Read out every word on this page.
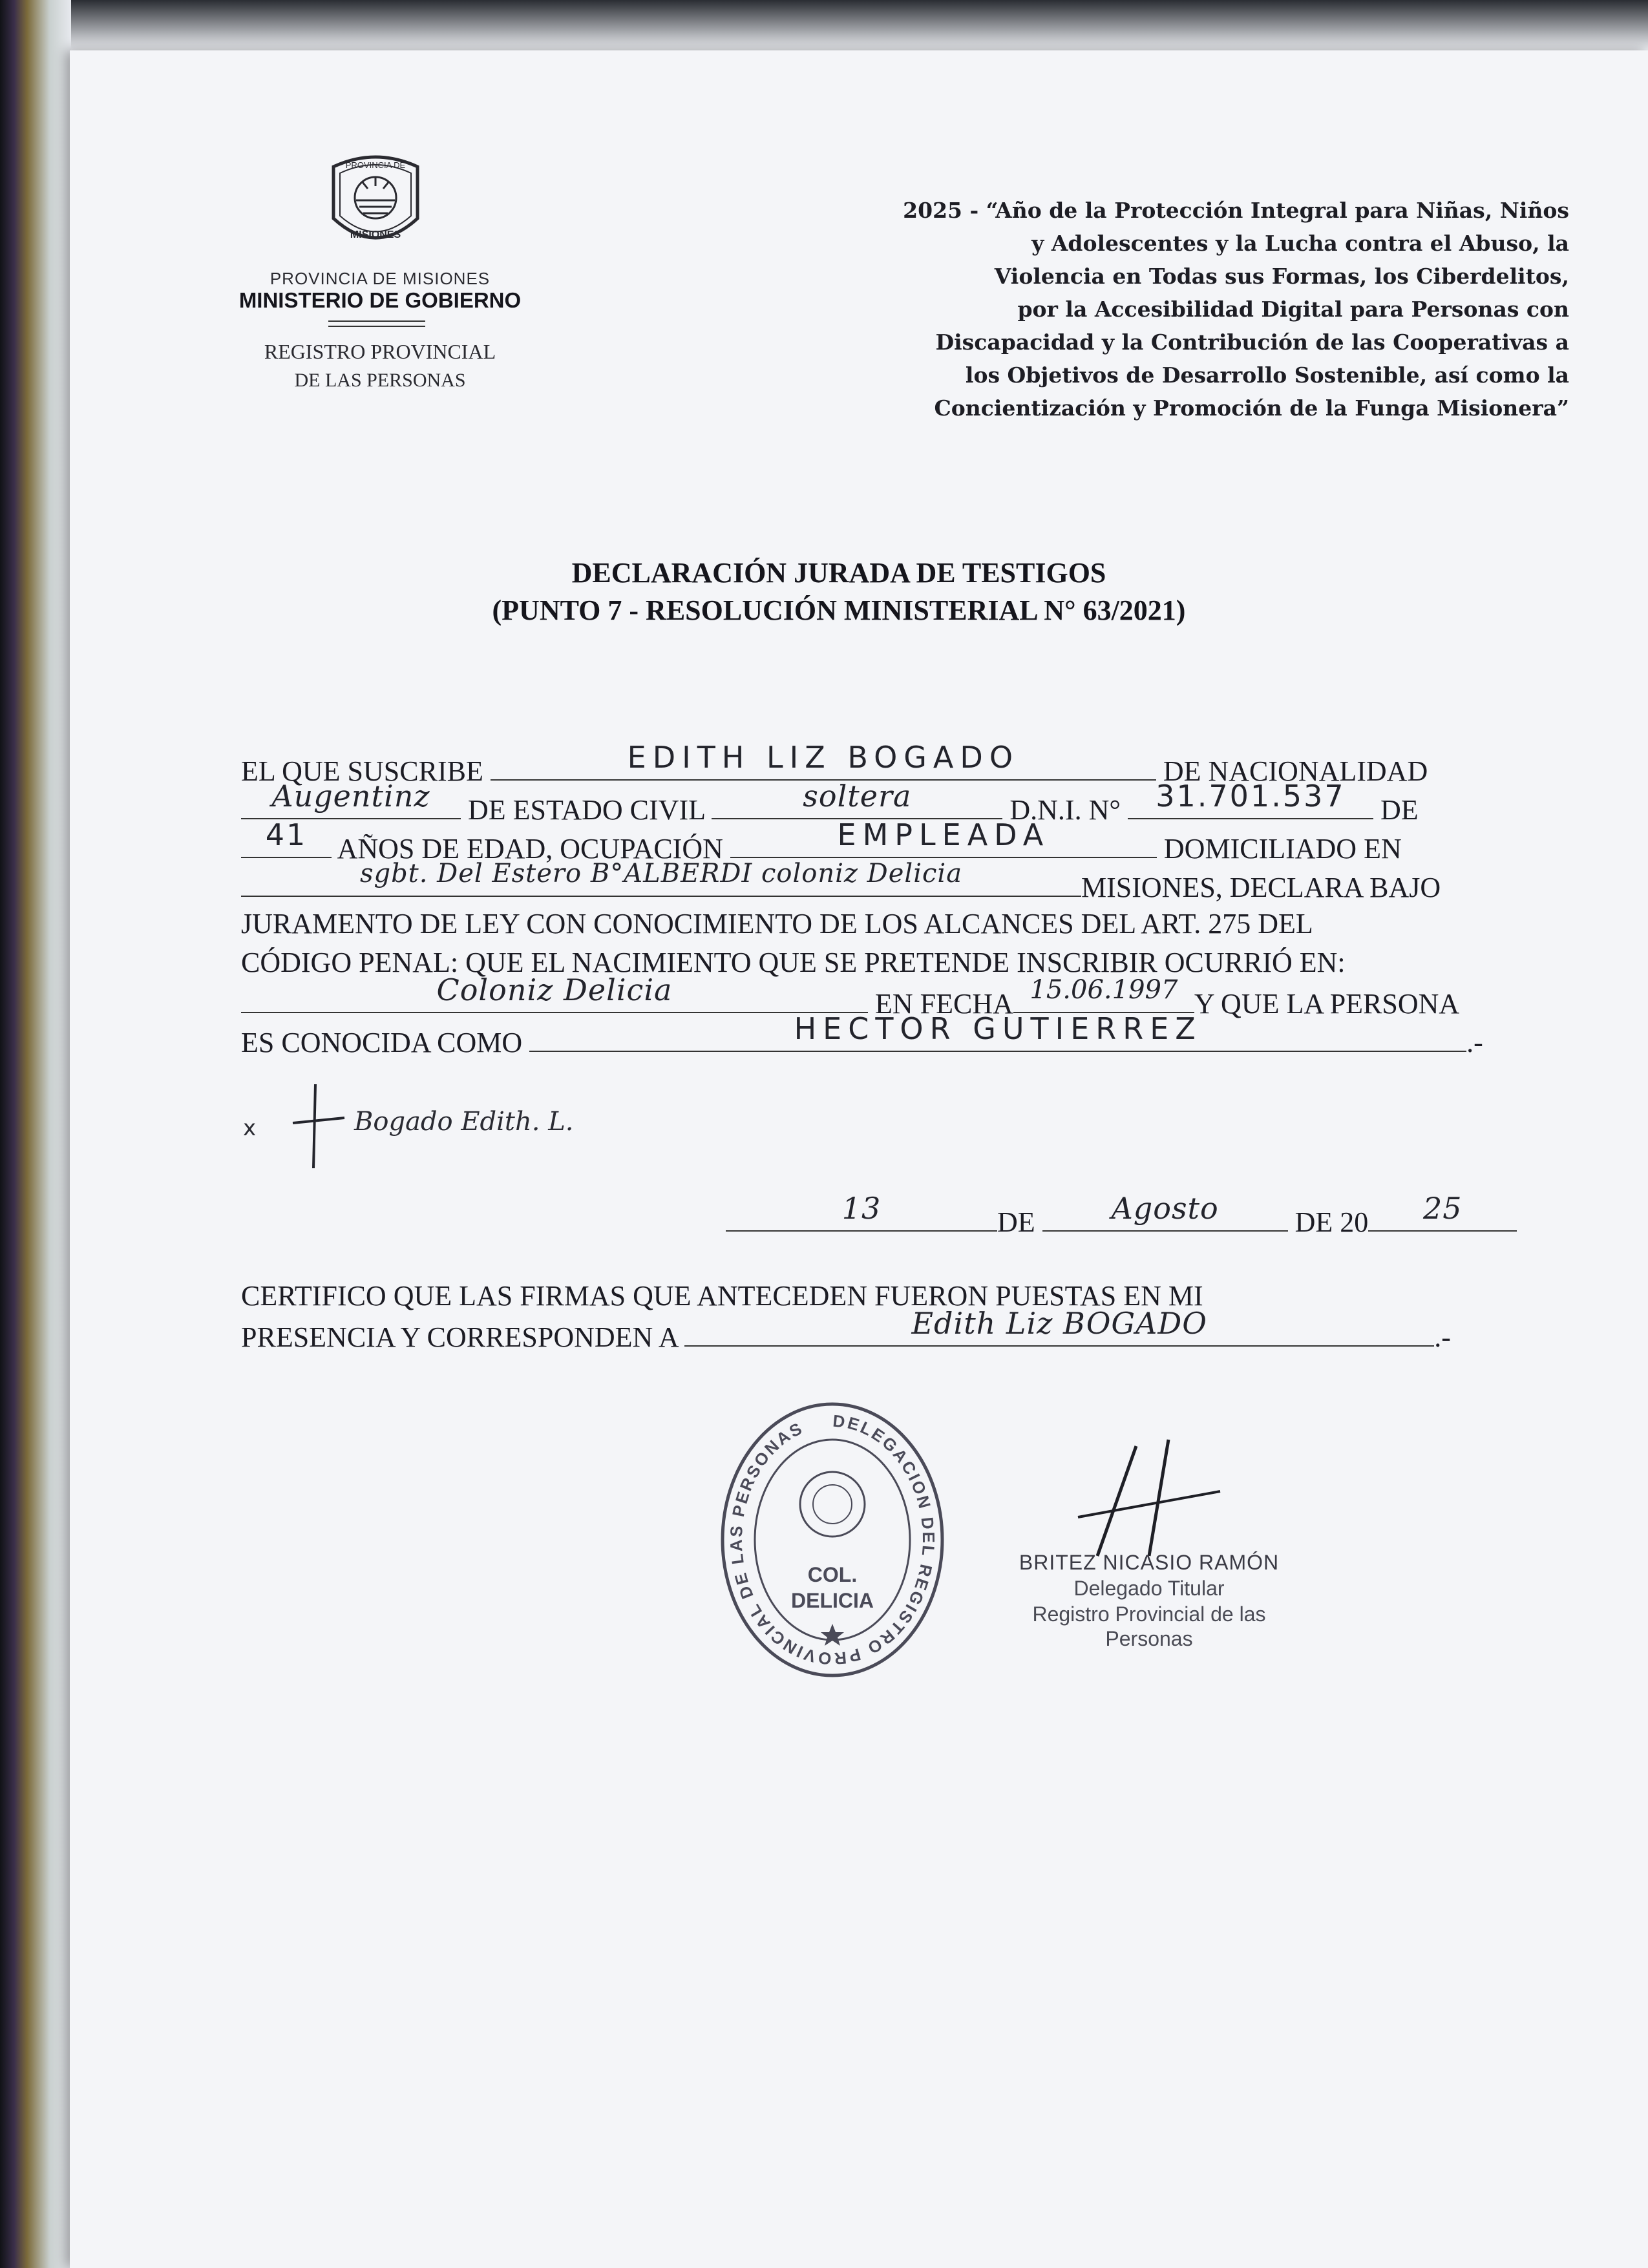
PROVINCIA DE
MISIONES
PROVINCIA DE MISIONES
MINISTERIO DE GOBIERNO
REGISTRO PROVINCIAL
DE LAS PERSONAS
2025 - “Año de la Protección Integral para Niñas, Niños
y Adolescentes y la Lucha contra el Abuso, la
Violencia en Todas sus Formas, los Ciberdelitos,
por la Accesibilidad Digital para Personas con
Discapacidad y la Contribución de las Cooperativas a
los Objetivos de Desarrollo Sostenible, así como la
Concientización y Promoción de la Funga Misionera”
DECLARACIÓN JURADA DE TESTIGOS
(PUNTO 7 - RESOLUCIÓN MINISTERIAL N° 63/2021)
EL QUE SUSCRIBE	EDITH LIZ BOGADO	DE NACIONALIDAD
Augentinz	DE ESTADO CIVIL	soltera	D.N.I. N° 31.701.537 DE
41 AÑOS DE EDAD, OCUPACIÓN	EMPLEADA	DOMICILIADO EN
sgbt. Del Estero B°ALBERDI coloniz Delicia	MISIONES, DECLARA BAJO
JURAMENTO DE LEY CON CONOCIMIENTO DE LOS ALCANCES DEL ART. 275 DEL
CÓDIGO PENAL: QUE EL NACIMIENTO QUE SE PRETENDE INSCRIBIR OCURRIÓ EN:
Coloniz Delicia	EN FECHA 15.06.1997 Y QUE LA PERSONA
ES CONOCIDA COMO	HECTOR GUTIERREZ	.-
x	Bogado Edith. L.
13	DE	Agosto	DE 20	25
CERTIFICO QUE LAS FIRMAS QUE ANTECEDEN FUERON PUESTAS EN MI
PRESENCIA Y CORRESPONDEN A	Edith Liz BOGADO	.-
DELEGACION DEL REGISTRO PROVINCIAL DE LAS PERSONAS
COL.
DELICIA
BRITEZ NICASIO RAMÓN
Delegado Titular
Registro Provincial de las
Personas
